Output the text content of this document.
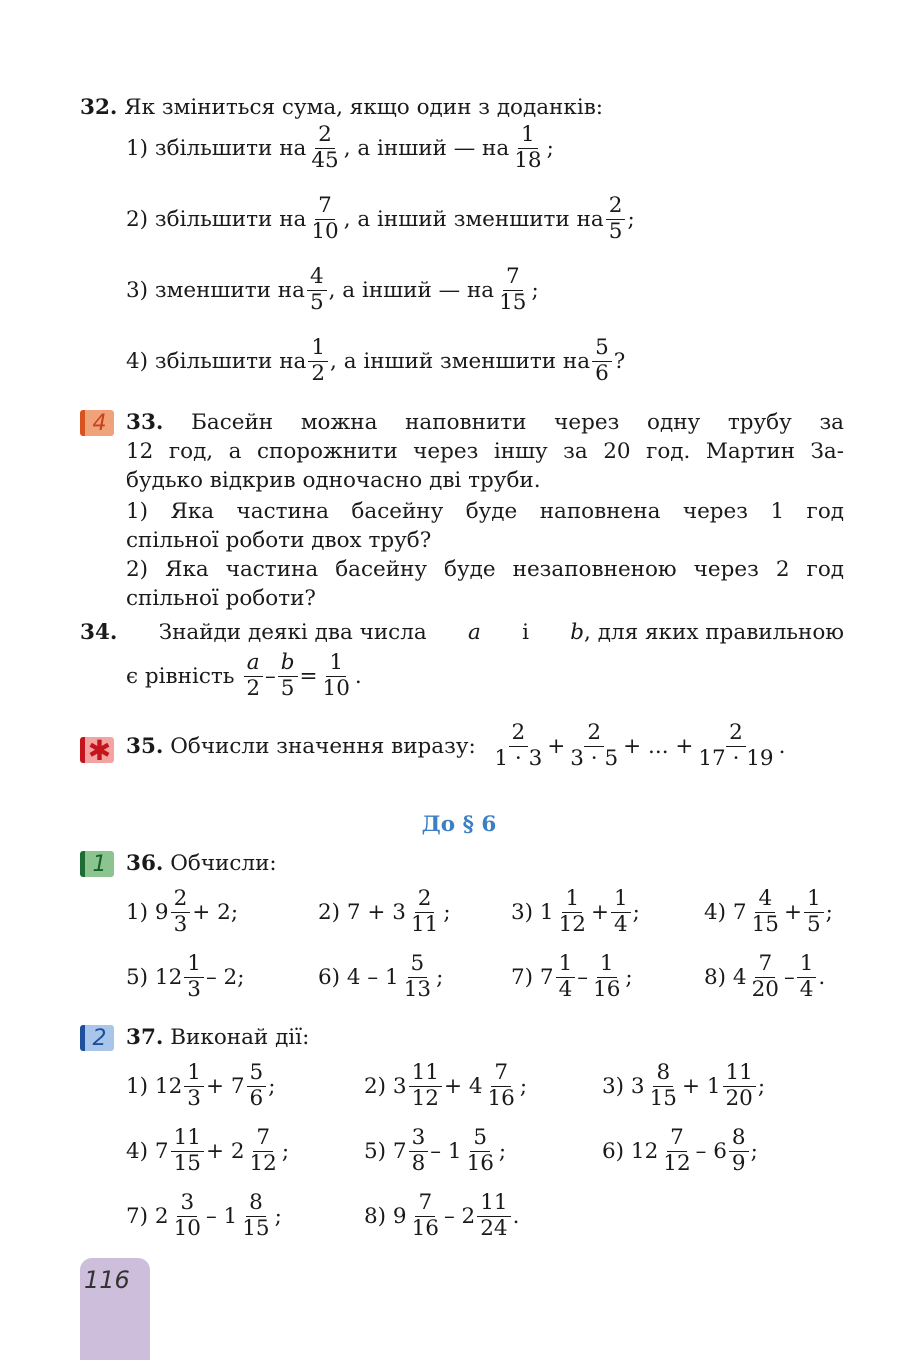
32.
Як зміниться сума, якщо один з доданків:
1) збільшити на $\frac{2}{45}$ , а інший — на $\frac{1}{18}$ ;
2) збільшити на $\frac{7}{10}$ , а інший зменшити на $\frac{2}{5}$ ;
3) зменшити на $\frac{4}{5}$ , а інший — на $\frac{7}{15}$ ;
4) збільшити на $\frac{1}{2}$ , а інший зменшити на $\frac{5}{6}$ ?
4 33. Басейн можна наповнити через одну трубу за
12 год, а спорожнити через іншу за 20 год. Мартин За-
будько відкрив одночасно дві труби.
1) Яка частина басейну буде наповнена через 1 год
спільної роботи двох труб?
2) Яка частина басейну буде незаповненою через 2 год
спільної роботи?
34. Знайди деякі два числа a і b , для яких правильною
є рівність
$\frac{a}{2} - \frac{b}{5} = \frac{1}{10}$ .
✱ 35.
Обчисли значення виразу:
$\frac{2}{1 \cdot 3} + \frac{2}{3 \cdot 5}$ + ... + $\frac{2}{17 \cdot 19}$ .
До § 6
1 36.
Обчисли:
1)
$9 \frac{2}{3} + 2$;	2)
$7 + 3 \frac{2}{11}$ ;	3)
$1 \frac{1}{12} + \frac{1}{4}$ ;	4)
$7 \frac{4}{15} + \frac{1}{5}$ ;
5)
$12 \frac{1}{3} - 2$;	6)
$4 - 1 \frac{5}{13}$ ;	7)
$7 \frac{1}{4} - \frac{1}{16}$ ;	8)
$4 \frac{7}{20} - \frac{1}{4}$ .
2 37.
Виконай дії:
1)
$12 \frac{1}{3} + 7 \frac{5}{6}$ ;	2)
$3 \frac{11}{12} + 4 \frac{7}{16}$ ;	3)
$3 \frac{8}{15} + 1 \frac{11}{20}$ ;
4)
$7 \frac{11}{15} + 2 \frac{7}{12}$ ;	5)
$7 \frac{3}{8} - 1 \frac{5}{16}$ ;	6)
$12 \frac{7}{12} - 6 \frac{8}{9}$ ;
7)
$2 \frac{3}{10} - 1 \frac{8}{15}$ ;	8)
$9 \frac{7}{16} - 2 \frac{11}{24}$ .
116
